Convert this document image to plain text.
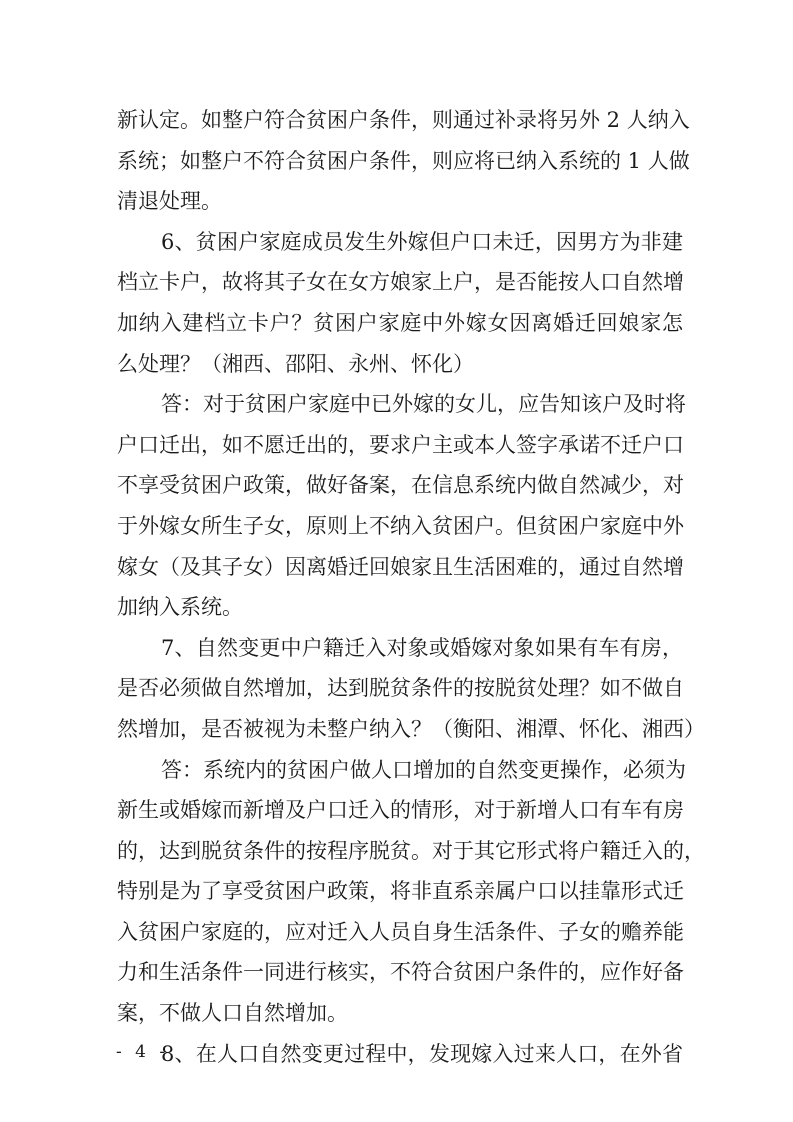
新认定。如整户符合贫困户条件，则通过补录将另外 2 人纳入
系统；如整户不符合贫困户条件，则应将已纳入系统的 1 人做
清退处理。
6、贫困户家庭成员发生外嫁但户口未迁，因男方为非建
档立卡户，故将其子女在女方娘家上户，是否能按人口自然增
加纳入建档立卡户？贫困户家庭中外嫁女因离婚迁回娘家怎
么处理？（湘西、邵阳、永州、怀化）
答：对于贫困户家庭中已外嫁的女儿，应告知该户及时将
户口迁出，如不愿迁出的，要求户主或本人签字承诺不迁户口
不享受贫困户政策，做好备案，在信息系统内做自然减少，对
于外嫁女所生子女，原则上不纳入贫困户。但贫困户家庭中外
嫁女（及其子女）因离婚迁回娘家且生活困难的，通过自然增
加纳入系统。
7、自然变更中户籍迁入对象或婚嫁对象如果有车有房，
是否必须做自然增加，达到脱贫条件的按脱贫处理？如不做自
然增加，是否被视为未整户纳入？（衡阳、湘潭、怀化、湘西）
答：系统内的贫困户做人口增加的自然变更操作，必须为
新生或婚嫁而新增及户口迁入的情形，对于新增人口有车有房
的，达到脱贫条件的按程序脱贫。对于其它形式将户籍迁入的，
特别是为了享受贫困户政策，将非直系亲属户口以挂靠形式迁
入贫困户家庭的，应对迁入人员自身生活条件、子女的赡养能
力和生活条件一同进行核实，不符合贫困户条件的，应作好备
案，不做人口自然增加。
8、在人口自然变更过程中，发现嫁入过来人口，在外省
- 4 -
